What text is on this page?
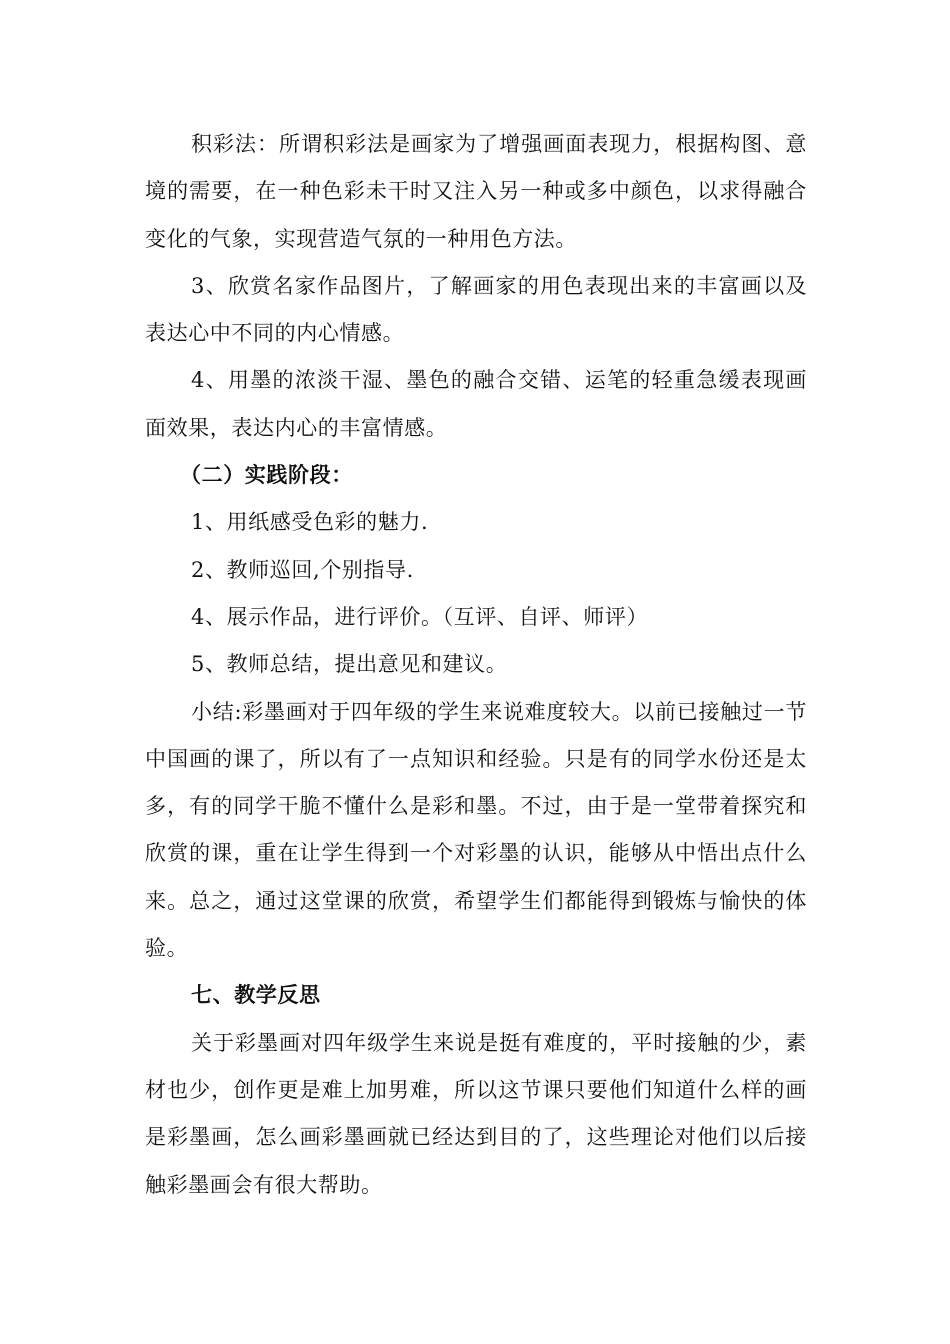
积彩法：所谓积彩法是画家为了增强画面表现力，根据构图、意境的需要，在一种色彩未干时又注入另一种或多中颜色，以求得融合变化的气象，实现营造气氛的一种用色方法。

3、欣赏名家作品图片，了解画家的用色表现出来的丰富画以及表达心中不同的内心情感。

4、用墨的浓淡干湿、墨色的融合交错、运笔的轻重急缓表现画面效果，表达内心的丰富情感。

（二）实践阶段：

1、用纸感受色彩的魅力.

2、教师巡回,个别指导.

4、展示作品，进行评价。（互评、自评、师评）

5、教师总结，提出意见和建议。

小结:彩墨画对于四年级的学生来说难度较大。以前已接触过一节中国画的课了，所以有了一点知识和经验。只是有的同学水份还是太多，有的同学干脆不懂什么是彩和墨。不过，由于是一堂带着探究和欣赏的课，重在让学生得到一个对彩墨的认识，能够从中悟出点什么来。总之，通过这堂课的欣赏，希望学生们都能得到锻炼与愉快的体验。

七、教学反思

关于彩墨画对四年级学生来说是挺有难度的，平时接触的少，素材也少，创作更是难上加男难，所以这节课只要他们知道什么样的画是彩墨画，怎么画彩墨画就已经达到目的了，这些理论对他们以后接触彩墨画会有很大帮助。
